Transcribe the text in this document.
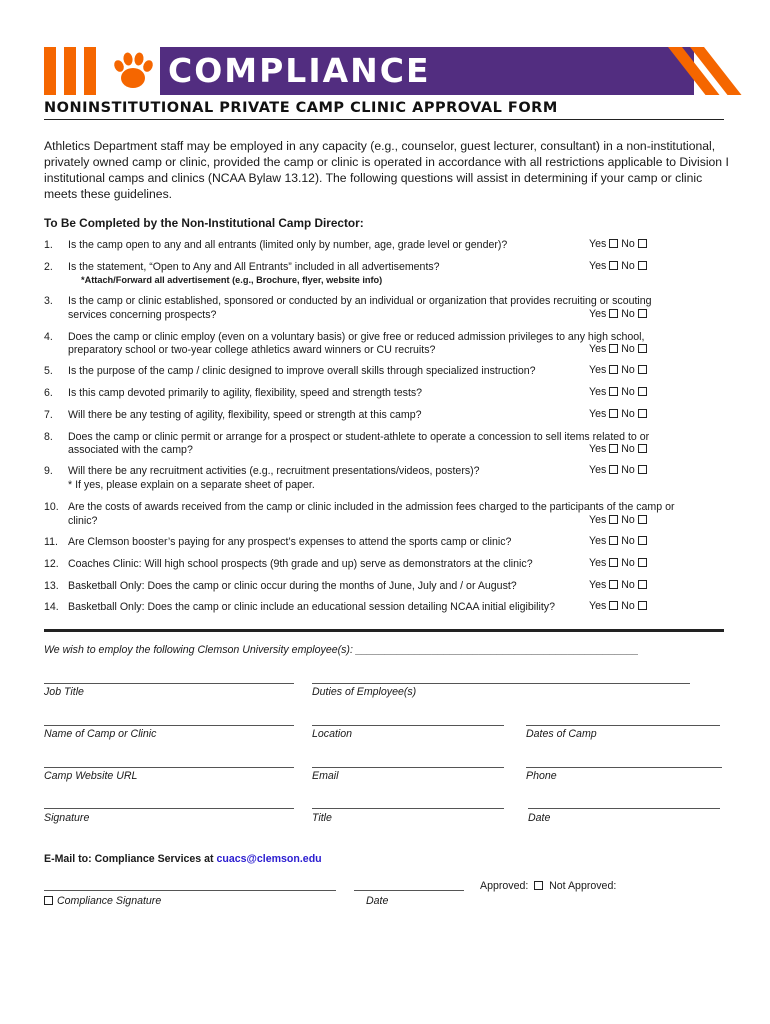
COMPLIANCE
NONINSTITUTIONAL PRIVATE CAMP CLINIC APPROVAL FORM
Athletics Department staff may be employed in any capacity (e.g., counselor, guest lecturer, consultant) in a non-institutional, privately owned camp or clinic, provided the camp or clinic is operated in accordance with all restrictions applicable to Division I institutional camps and clinics (NCAA Bylaw 13.12). The following questions will assist in determining if your camp or clinic meets these guidelines.
To Be Completed by the Non-Institutional Camp Director:
1. Is the camp open to any and all entrants (limited only by number, age, grade level or gender)?	Yes No
2. Is the statement, “Open to Any and All Entrants” included in all advertisements?
*Attach/Forward all advertisement (e.g., Brochure, flyer, website info)
Yes No
3. Is the camp or clinic established, sponsored or conducted by an individual or organization that provides recruiting or scouting
services concerning prospects?	Yes No
4. Does the camp or clinic employ (even on a voluntary basis) or give free or reduced admission privileges to any high school,
preparatory school or two-year college athletics award winners or CU recruits?	Yes No
5. Is the purpose of the camp / clinic designed to improve overall skills through specialized instruction?	Yes No
6. Is this camp devoted primarily to agility, flexibility, speed and strength tests?	Yes No
7. Will there be any testing of agility, flexibility, speed or strength at this camp?	Yes No
8. Does the camp or clinic permit or arrange for a prospect or student-athlete to operate a concession to sell items related to or
associated with the camp?	Yes No
9. Will there be any recruitment activities (e.g., recruitment presentations/videos, posters)?
* If yes, please explain on a separate sheet of paper.
Yes No
10. Are the costs of awards received from the camp or clinic included in the admission fees charged to the participants of the camp or
clinic?	Yes No
11. Are Clemson booster’s paying for any prospect’s expenses to attend the sports camp or clinic?	Yes No
12. Coaches Clinic: Will high school prospects (9th grade and up) serve as demonstrators at the clinic?	Yes No
13. Basketball Only: Does the camp or clinic occur during the months of June, July and / or August?	Yes No
14. Basketball Only: Does the camp or clinic include an educational session detailing NCAA initial eligibility?	Yes No
We wish to employ the following Clemson University employee(s): ________________________________________________
Job Title	Duties of Employee(s)
Name of Camp or Clinic	Location	Dates of Camp
Camp Website URL	Email	Phone
Signature	Title	Date
E-Mail to: Compliance Services at cuacs@clemson.edu
Approved: Not Approved:
Compliance Signature	Date
